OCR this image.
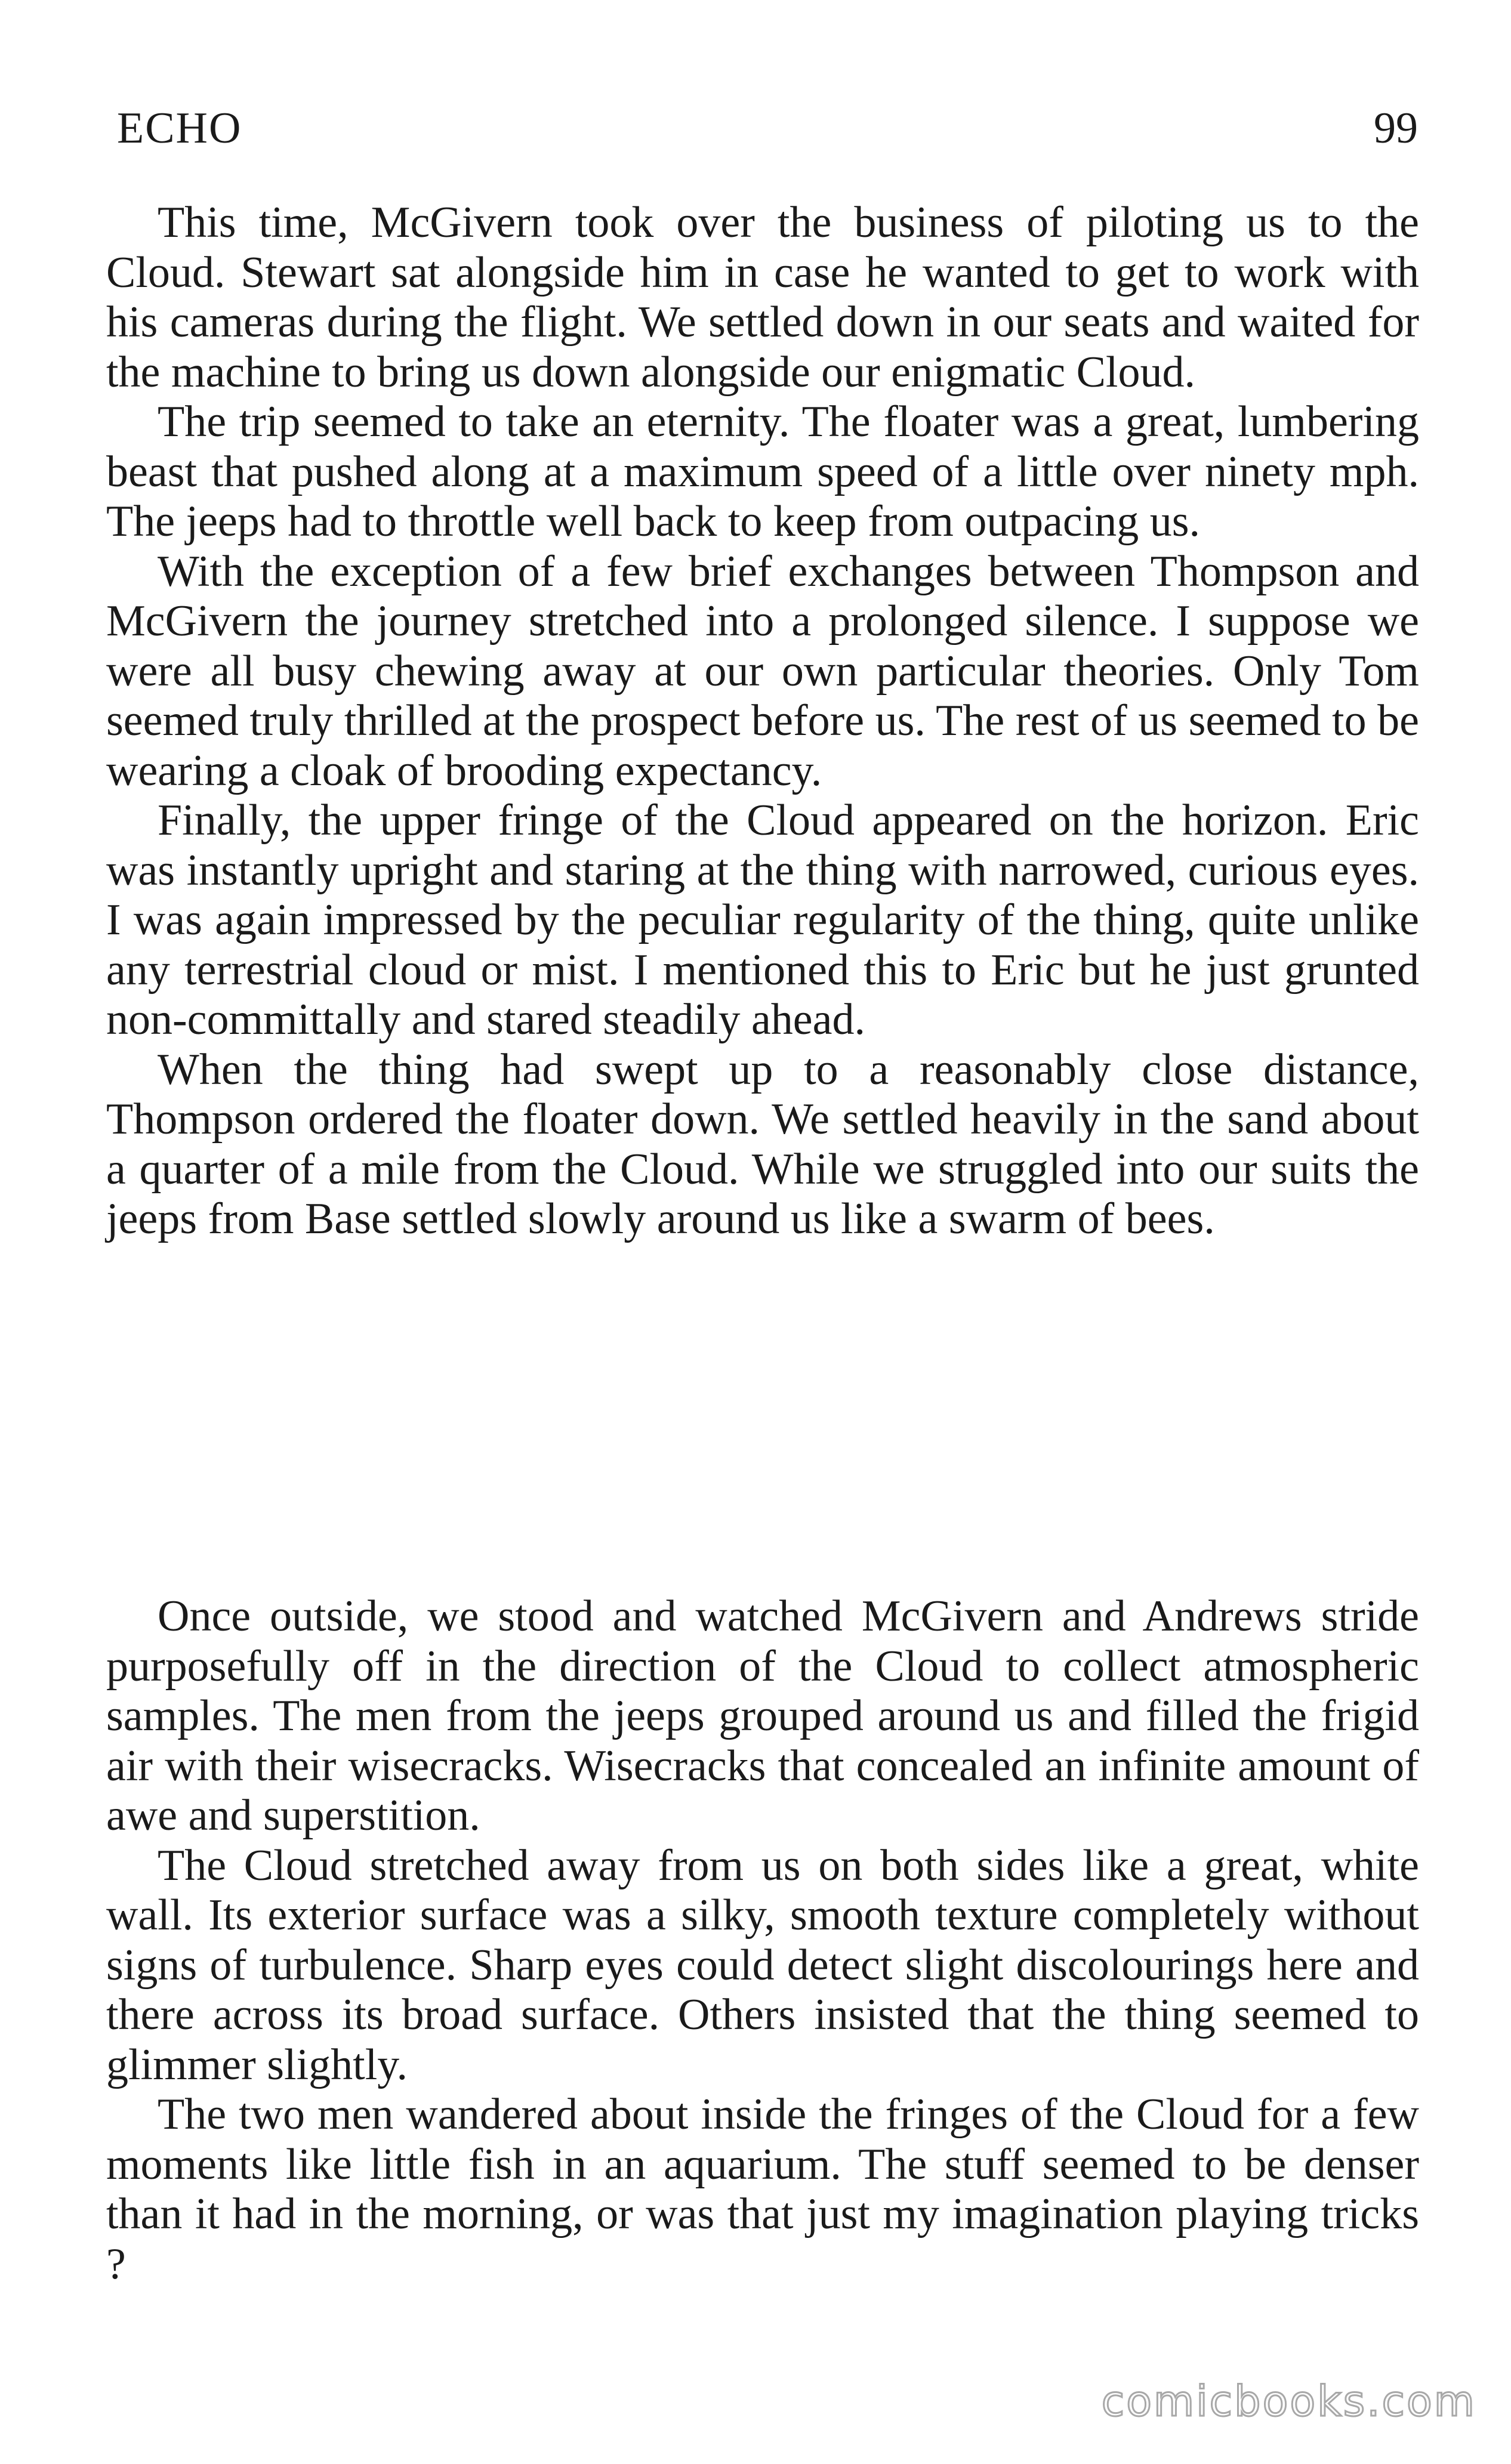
ECHO	99

This time, McGivern took over the business of piloting us to the Cloud. Stewart sat alongside him in case he wanted to get to work with his cameras during the flight. We settled down in our seats and waited for the machine to bring us down alongside our enigmatic Cloud.

The trip seemed to take an eternity. The floater was a great, lumbering beast that pushed along at a maximum speed of a little over ninety mph. The jeeps had to throttle well back to keep from outpacing us.

With the exception of a few brief exchanges between Thompson and McGivern the journey stretched into a prolonged silence. I suppose we were all busy chewing away at our own particular theories. Only Tom seemed truly thrilled at the prospect before us. The rest of us seemed to be wearing a cloak of brooding expectancy.

Finally, the upper fringe of the Cloud appeared on the horizon. Eric was instantly upright and staring at the thing with narrowed, curious eyes. I was again impressed by the peculiar regularity of the thing, quite unlike any terrestrial cloud or mist. I mentioned this to Eric but he just grunted non-committally and stared steadily ahead.

When the thing had swept up to a reasonably close distance, Thompson ordered the floater down. We settled heavily in the sand about a quarter of a mile from the Cloud. While we struggled into our suits the jeeps from Base settled slowly around us like a swarm of bees.

Once outside, we stood and watched McGivern and Andrews stride purposefully off in the direction of the Cloud to collect atmospheric samples. The men from the jeeps grouped around us and filled the frigid air with their wisecracks. Wisecracks that concealed an infinite amount of awe and superstition.

The Cloud stretched away from us on both sides like a great, white wall. Its exterior surface was a silky, smooth texture completely without signs of turbulence. Sharp eyes could detect slight discolourings here and there across its broad surface. Others insisted that the thing seemed to glimmer slightly.

The two men wandered about inside the fringes of the Cloud for a few moments like little fish in an aquarium. The stuff seemed to be denser than it had in the morning, or was that just my imagination playing tricks ?

comicbooks.com
